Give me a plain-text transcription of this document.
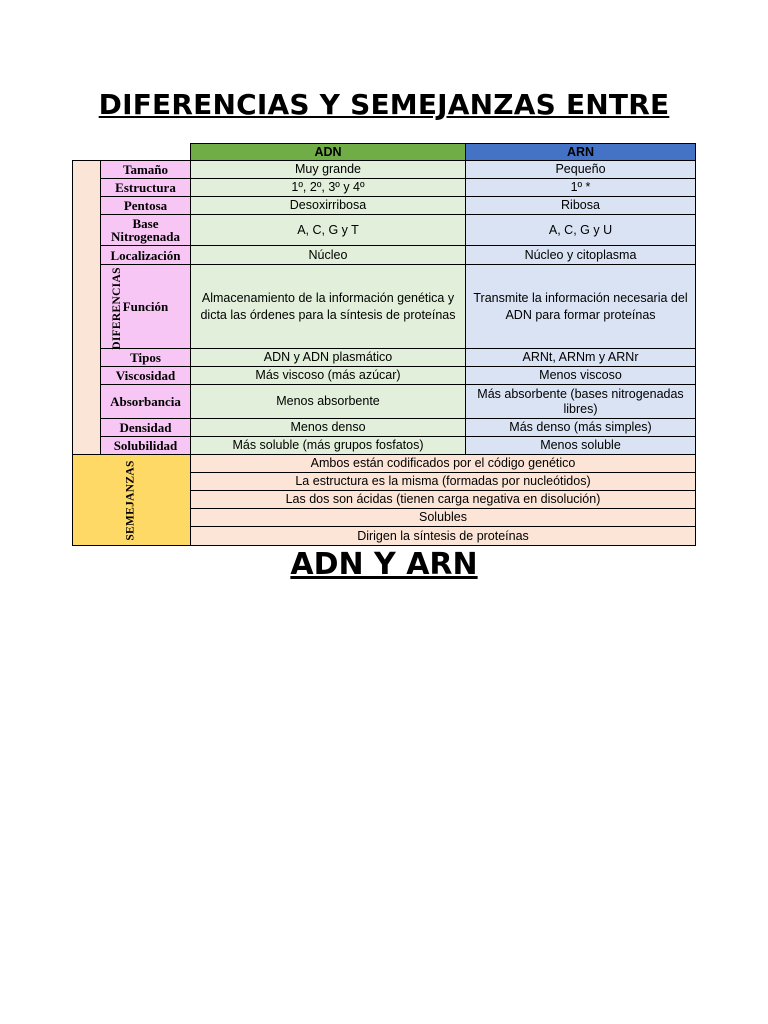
DIFERENCIAS Y SEMEJANZAS ENTRE
		ADN	ARN
DIFERENCIAS	Tamaño	Muy grande	Pequeño
	Estructura	1º, 2º, 3º y 4º	1º *
	Pentosa	Desoxirribosa	Ribosa
	Base Nitrogenada	A, C, G y T	A, C, G y U
	Localización	Núcleo	Núcleo y citoplasma
	Función	Almacenamiento de la información genética y dicta las órdenes para la síntesis de proteínas	Transmite la información necesaria del ADN para formar proteínas
	Tipos	ADN y ADN plasmático	ARNt, ARNm y ARNr
	Viscosidad	Más viscoso (más azúcar)	Menos viscoso
	Absorbancia	Menos absorbente	Más absorbente (bases nitrogenadas libres)
	Densidad	Menos denso	Más denso (más simples)
	Solubilidad	Más soluble (más grupos fosfatos)	Menos soluble
SEMEJANZAS		Ambos están codificados por el código genético	
		La estructura es la misma (formadas por nucleótidos)	
		Las dos son ácidas (tienen carga negativa en disolución)	
		Solubles	
		Dirigen la síntesis de proteínas	
ADN Y ARN
